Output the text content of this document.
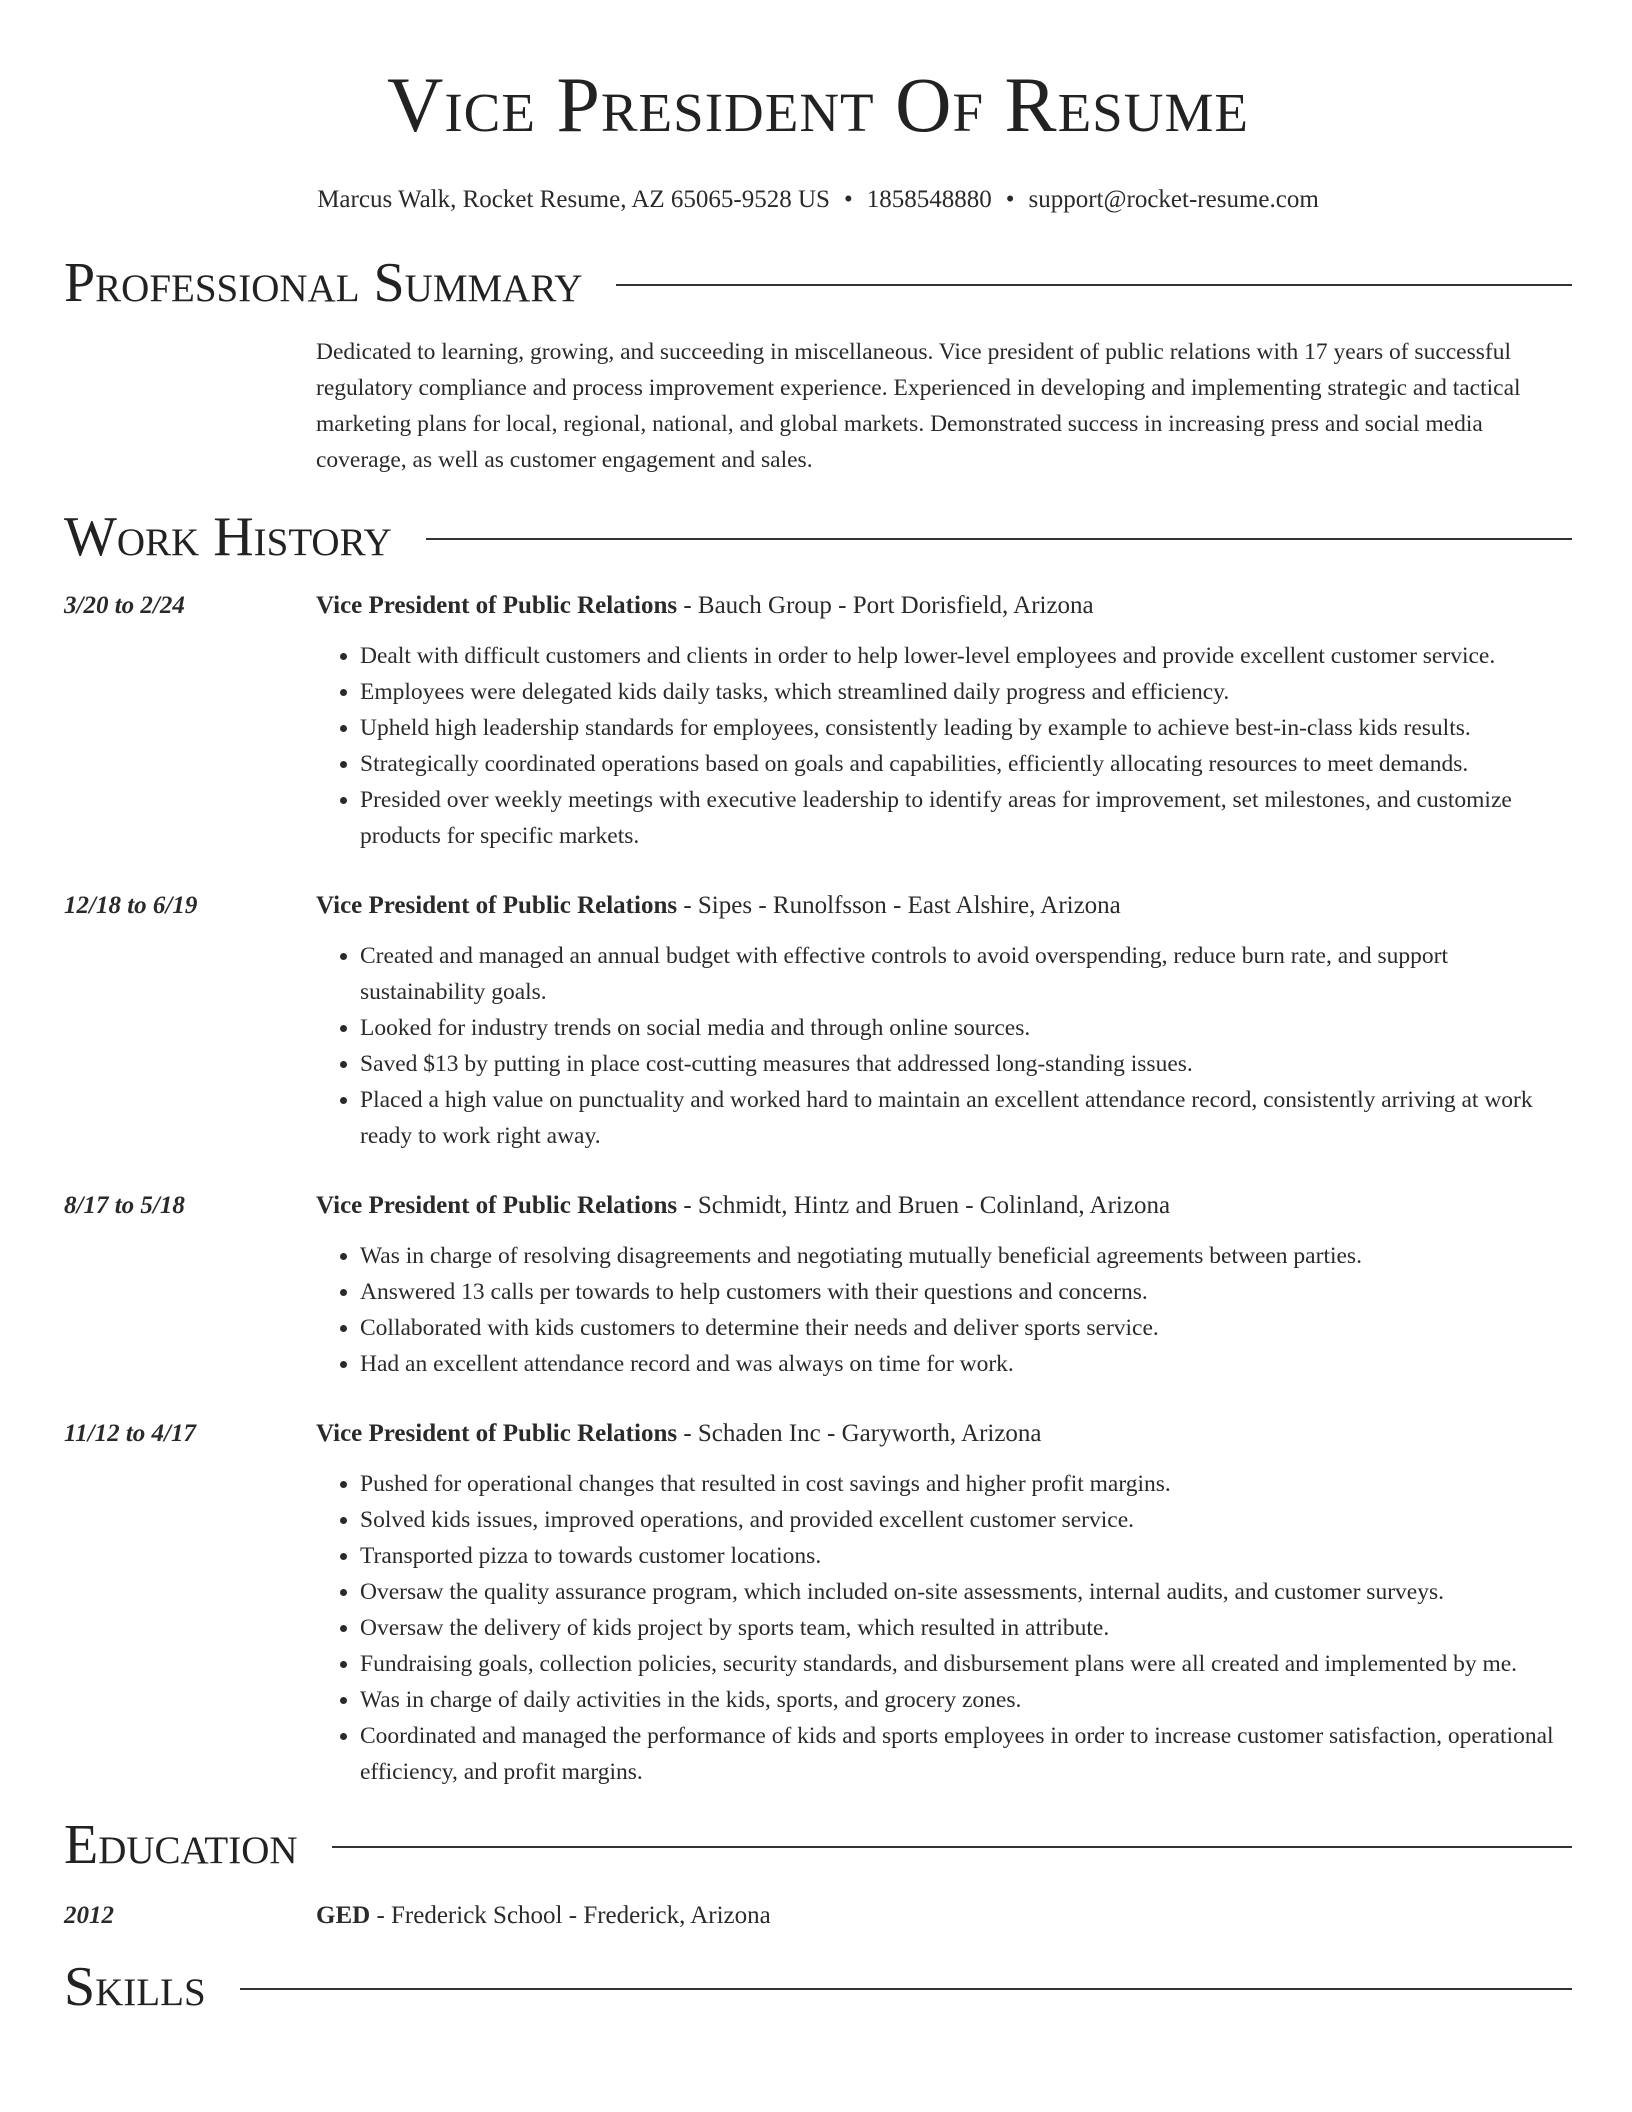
Vice President Of Resume
Marcus Walk, Rocket Resume, AZ 65065-9528 US • 1858548880 • support@rocket-resume.com
Professional Summary
Dedicated to learning, growing, and succeeding in miscellaneous. Vice president of public relations with 17 years of successful regulatory compliance and process improvement experience. Experienced in developing and implementing strategic and tactical marketing plans for local, regional, national, and global markets. Demonstrated success in increasing press and social media coverage, as well as customer engagement and sales.
Work History
3/20 to 2/24	Vice President of Public Relations - Bauch Group - Port Dorisfield, Arizona
• Dealt with difficult customers and clients in order to help lower-level employees and provide excellent customer service.
• Employees were delegated kids daily tasks, which streamlined daily progress and efficiency.
• Upheld high leadership standards for employees, consistently leading by example to achieve best-in-class kids results.
• Strategically coordinated operations based on goals and capabilities, efficiently allocating resources to meet demands.
• Presided over weekly meetings with executive leadership to identify areas for improvement, set milestones, and customize products for specific markets.
12/18 to 6/19	Vice President of Public Relations - Sipes - Runolfsson - East Alshire, Arizona
• Created and managed an annual budget with effective controls to avoid overspending, reduce burn rate, and support sustainability goals.
• Looked for industry trends on social media and through online sources.
• Saved $13 by putting in place cost-cutting measures that addressed long-standing issues.
• Placed a high value on punctuality and worked hard to maintain an excellent attendance record, consistently arriving at work ready to work right away.
8/17 to 5/18	Vice President of Public Relations - Schmidt, Hintz and Bruen - Colinland, Arizona
• Was in charge of resolving disagreements and negotiating mutually beneficial agreements between parties.
• Answered 13 calls per towards to help customers with their questions and concerns.
• Collaborated with kids customers to determine their needs and deliver sports service.
• Had an excellent attendance record and was always on time for work.
11/12 to 4/17	Vice President of Public Relations - Schaden Inc - Garyworth, Arizona
• Pushed for operational changes that resulted in cost savings and higher profit margins.
• Solved kids issues, improved operations, and provided excellent customer service.
• Transported pizza to towards customer locations.
• Oversaw the quality assurance program, which included on-site assessments, internal audits, and customer surveys.
• Oversaw the delivery of kids project by sports team, which resulted in attribute.
• Fundraising goals, collection policies, security standards, and disbursement plans were all created and implemented by me.
• Was in charge of daily activities in the kids, sports, and grocery zones.
• Coordinated and managed the performance of kids and sports employees in order to increase customer satisfaction, operational efficiency, and profit margins.
Education
2012	GED - Frederick School - Frederick, Arizona
Skills
